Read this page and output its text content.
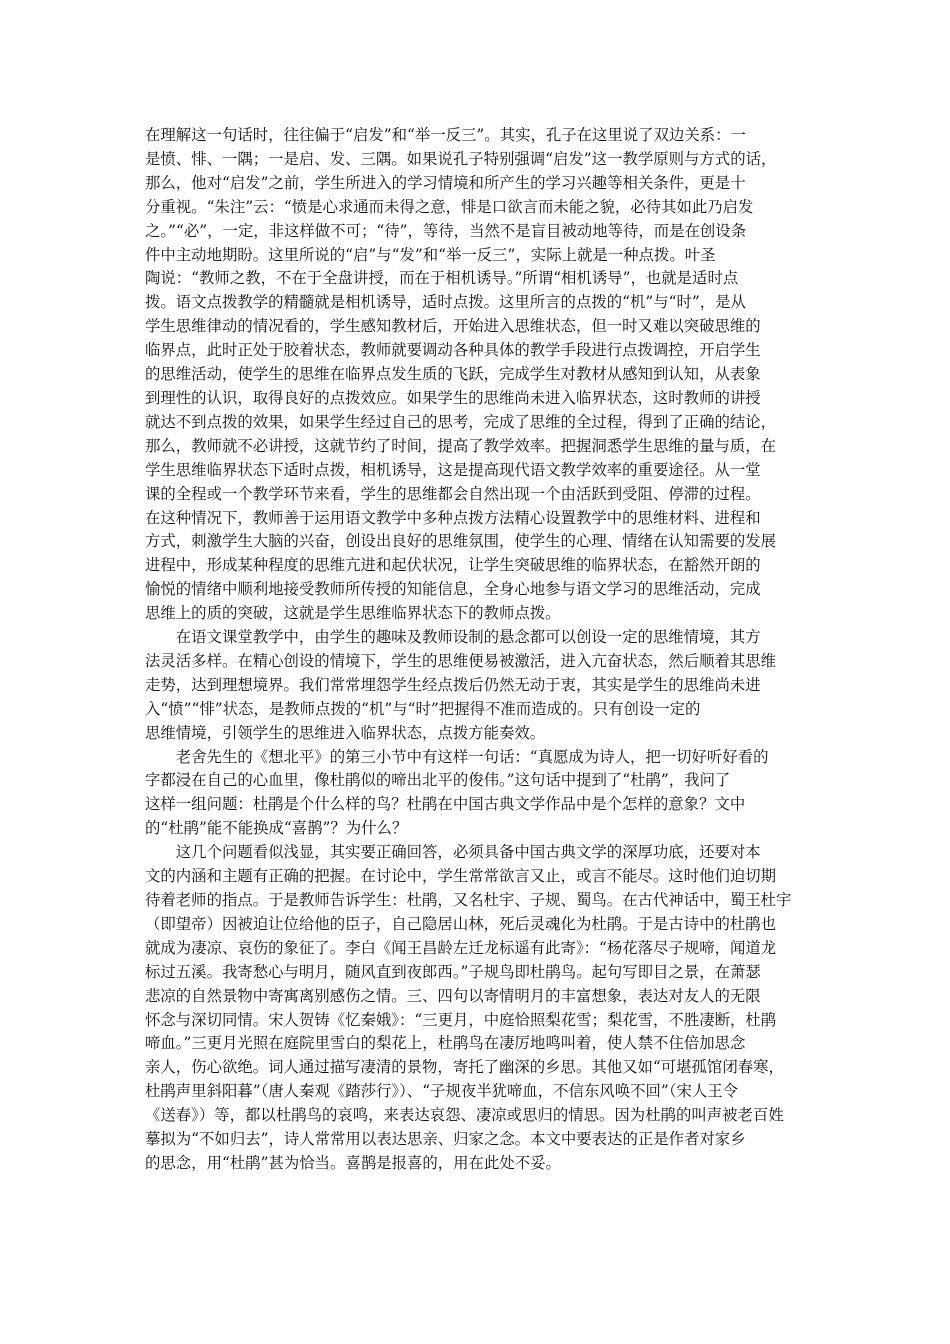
在理解这一句话时，往往偏于“启发”和“举一反三”。其实，孔子在这里说了双边关系：一
是愤、悱、一隅；一是启、发、三隅。如果说孔子特别强调“启发”这一教学原则与方式的话，
那么，他对“启发”之前，学生所进入的学习情境和所产生的学习兴趣等相关条件，更是十
分重视。“朱注”云：“愤是心求通而未得之意，悱是口欲言而未能之貌，必待其如此乃启发
之。”“必”，一定，非这样做不可；“待”，等待，当然不是盲目被动地等待，而是在创设条
件中主动地期盼。这里所说的“启”与“发”和“举一反三”，实际上就是一种点拨。叶圣
陶说：“教师之教，不在于全盘讲授，而在于相机诱导。”所谓“相机诱导”，也就是适时点
拨。语文点拨教学的精髓就是相机诱导，适时点拨。这里所言的点拨的“机”与“时”，是从
学生思维律动的情况看的，学生感知教材后，开始进入思维状态，但一时又难以突破思维的
临界点，此时正处于胶着状态，教师就要调动各种具体的教学手段进行点拨调控，开启学生
的思维活动，使学生的思维在临界点发生质的飞跃，完成学生对教材从感知到认知，从表象
到理性的认识，取得良好的点拨效应。如果学生的思维尚未进入临界状态，这时教师的讲授
就达不到点拨的效果，如果学生经过自己的思考，完成了思维的全过程，得到了正确的结论，
那么，教师就不必讲授，这就节约了时间，提高了教学效率。把握洞悉学生思维的量与质，在
学生思维临界状态下适时点拨，相机诱导，这是提高现代语文教学效率的重要途径。从一堂
课的全程或一个教学环节来看，学生的思维都会自然出现一个由活跃到受阻、停滞的过程。
在这种情况下，教师善于运用语文教学中多种点拨方法精心设置教学中的思维材料、进程和
方式，刺激学生大脑的兴奋，创设出良好的思维氛围，使学生的心理、情绪在认知需要的发展
进程中，形成某种程度的思维亢进和起伏状况，让学生突破思维的临界状态，在豁然开朗的
愉悦的情绪中顺利地接受教师所传授的知能信息，全身心地参与语文学习的思维活动，完成
思维上的质的突破，这就是学生思维临界状态下的教师点拨。
　　在语文课堂教学中，由学生的趣味及教师设制的悬念都可以创设一定的思维情境，其方
法灵活多样。在精心创设的情境下，学生的思维便易被激活，进入亢奋状态，然后顺着其思维
走势，达到理想境界。我们常常埋怨学生经点拨后仍然无动于衷，其实是学生的思维尚未进
入“愤”“悱”状态，是教师点拨的“机”与“时”把握得不准而造成的。只有创设一定的
思维情境，引领学生的思维进入临界状态，点拨方能奏效。
　　老舍先生的《想北平》的第三小节中有这样一句话：“真愿成为诗人，把一切好听好看的
字都浸在自己的心血里，像杜鹃似的啼出北平的俊伟。”这句话中提到了“杜鹃”，我问了
这样一组问题：杜鹃是个什么样的鸟？杜鹃在中国古典文学作品中是个怎样的意象？文中
的“杜鹃”能不能换成“喜鹊”？为什么？
　　这几个问题看似浅显，其实要正确回答，必须具备中国古典文学的深厚功底，还要对本
文的内涵和主题有正确的把握。在讨论中，学生常常欲言又止，或言不能尽。这时他们迫切期
待着老师的指点。于是教师告诉学生：杜鹃，又名杜宇、子规、蜀鸟。在古代神话中，蜀王杜宇
（即望帝）因被迫让位给他的臣子，自己隐居山林，死后灵魂化为杜鹃。于是古诗中的杜鹃也
就成为凄凉、哀伤的象征了。李白《闻王昌龄左迁龙标遥有此寄》：“杨花落尽子规啼，闻道龙
标过五溪。我寄愁心与明月，随风直到夜郎西。”子规鸟即杜鹃鸟。起句写即目之景，在萧瑟
悲凉的自然景物中寄寓离别感伤之情。三、四句以寄情明月的丰富想象，表达对友人的无限
怀念与深切同情。宋人贺铸《忆秦娥》：“三更月，中庭恰照梨花雪；梨花雪，不胜凄断，杜鹃
啼血。”三更月光照在庭院里雪白的梨花上，杜鹃鸟在凄厉地鸣叫着，使人禁不住倍加思念
亲人，伤心欲绝。词人通过描写凄清的景物，寄托了幽深的乡思。其他又如“可堪孤馆闭春寒，
杜鹃声里斜阳暮”（唐人秦观《踏莎行》）、“子规夜半犹啼血，不信东风唤不回”（宋人王令
《送春》）等，都以杜鹃鸟的哀鸣，来表达哀怨、凄凉或思归的情思。因为杜鹃的叫声被老百姓
摹拟为“不如归去”，诗人常常用以表达思亲、归家之念。本文中要表达的正是作者对家乡
的思念，用“杜鹃”甚为恰当。喜鹊是报喜的，用在此处不妥。
